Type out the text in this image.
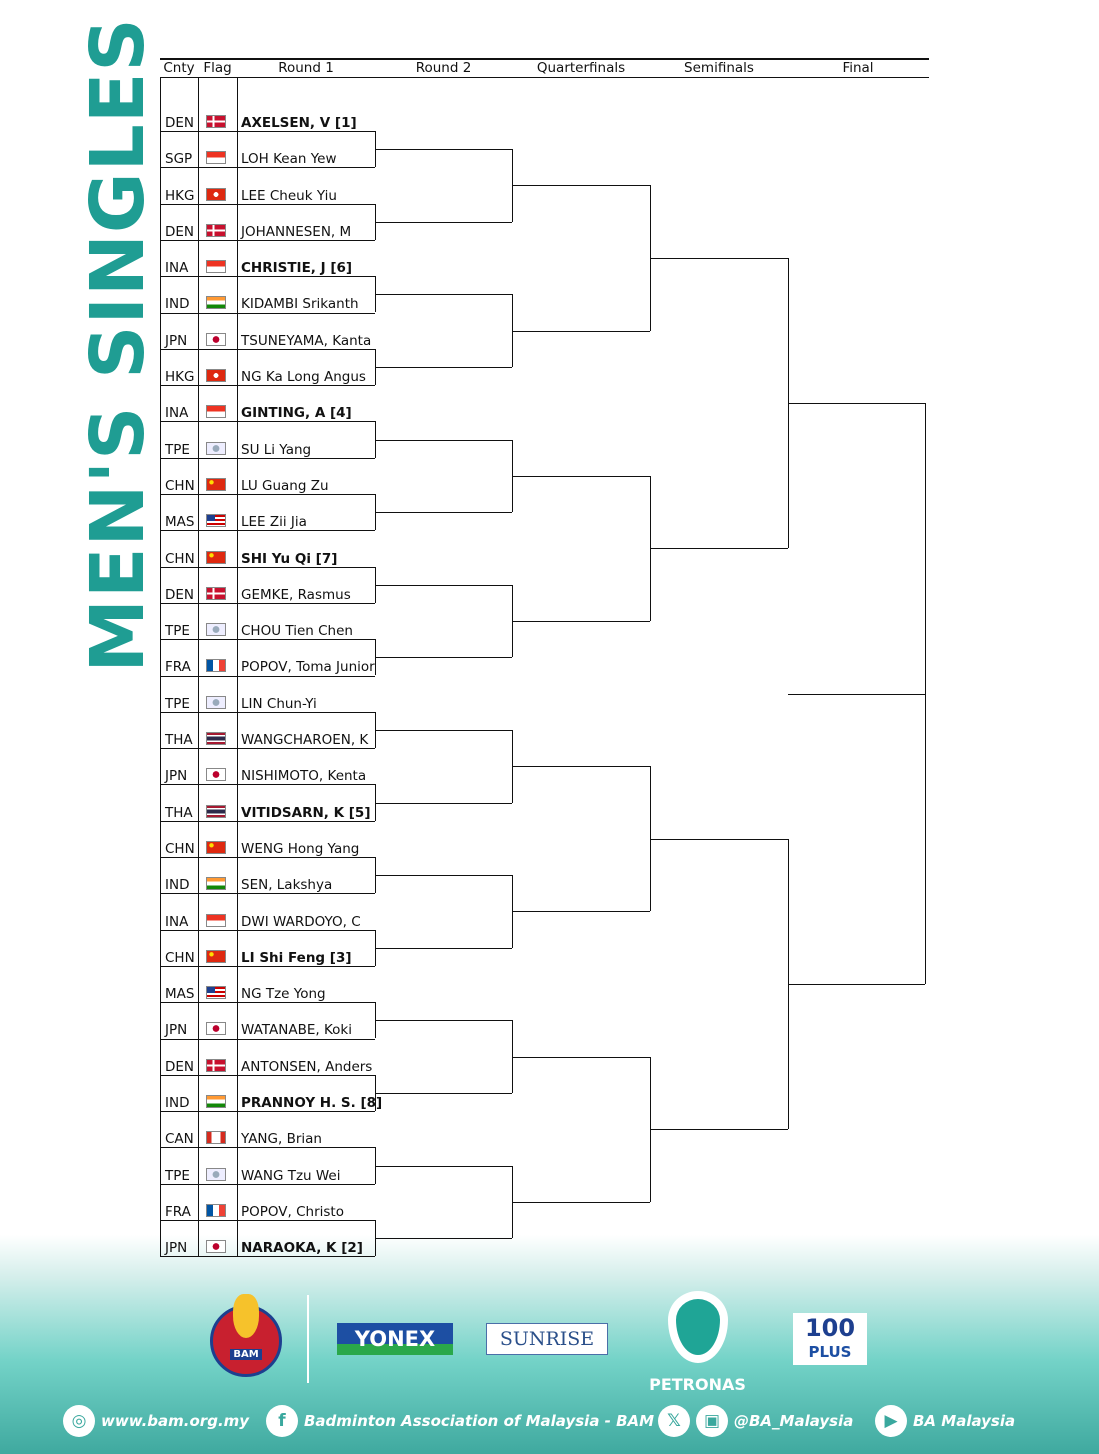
MEN'S SINGLES Cnty Flag	Round 1	Round 2	Quarterfinals	Semifinals	Final
DEN	AXELSEN, V [1]
SGP	LOH Kean Yew
HKG	LEE Cheuk Yiu
DEN	JOHANNESEN, M
INA	CHRISTIE, J [6]
IND	KIDAMBI Srikanth
JPN	TSUNEYAMA, Kanta
HKG	NG Ka Long Angus
INA	GINTING, A [4]
TPE	SU Li Yang
CHN	LU Guang Zu
MAS	LEE Zii Jia
CHN	SHI Yu Qi [7]
DEN	GEMKE, Rasmus
TPE	CHOU Tien Chen
FRA	POPOV, Toma Junior
TPE	LIN Chun-Yi
THA	WANGCHAROEN, K
JPN	NISHIMOTO, Kenta
THA	VITIDSARN, K [5]
CHN	WENG Hong Yang
IND	SEN, Lakshya
INA	DWI WARDOYO, C
CHN	LI Shi Feng [3]
MAS	NG Tze Yong
JPN	WATANABE, Koki
DEN	ANTONSEN, Anders
IND	PRANNOY H. S. [8]
CAN	YANG, Brian
TPE	WANG Tzu Wei
FRA	POPOV, Christo
JPN	NARAOKA, K [2]
BAM
YONEX	SUNRISE
PETRONAS
100
PLUS
◎ www.bam.org.my	f	Badminton Association of Malaysia - BAM 𝕏	▣ @BA_Malaysia	▶	BA Malaysia
